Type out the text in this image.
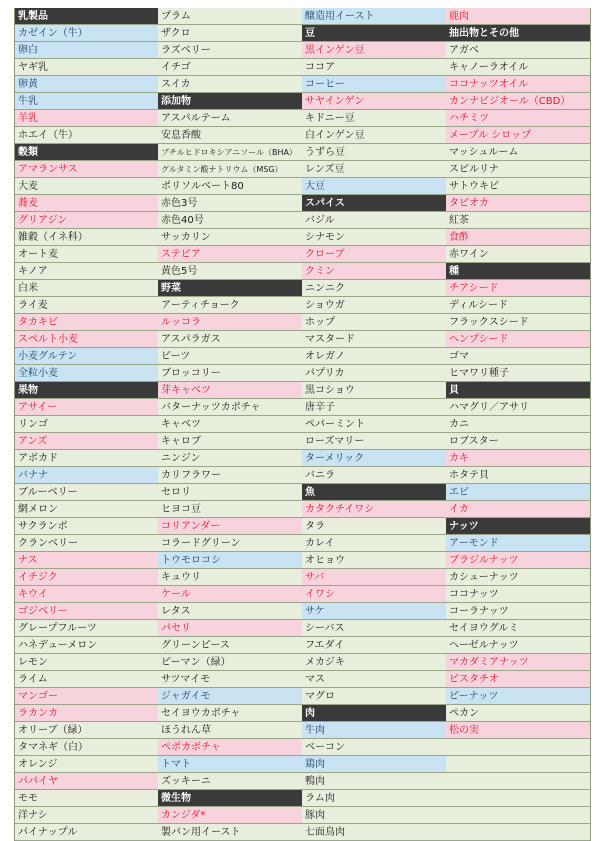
乳製品
カゼイン（牛）
卵白
ヤギ乳
卵黄
牛乳
羊乳
ホエイ（牛）
穀類
アマランサス
大麦
蕎麦
グリアジン
雑穀（イネ科）
オート麦
キノア
白米
ライ麦
タカキビ
スペルト小麦
小麦グルテン
全粒小麦
果物
アサイー
リンゴ
アンズ
アボカド
バナナ
ブルーベリー
網メロン
サクランボ
クランベリー
ナス
イチジク
キウイ
ゴジベリー
グレープフルーツ
ハネデューメロン
レモン
ライム
マンゴー
ラカンカ
オリーブ（緑）
タマネギ（白）
オレンジ
パパイヤ
モモ
洋ナシ
パイナップル
プラム
ザクロ
ラズベリー
イチゴ
スイカ
添加物
アスパルテーム
安息香酸
ブチルヒドロキシアニソール（BHA）
グルタミン酸ナトリウム（MSG）
ポリソルベート80
赤色3号
赤色40号
サッカリン
ステビア
黄色5号
野菜
アーティチョーク
ルッコラ
アスパラガス
ビーツ
ブロッコリー
芽キャベツ
バターナッツカボチャ
キャベツ
キャロブ
ニンジン
カリフラワー
セロリ
ヒヨコ豆
コリアンダー
コラードグリーン
トウモロコシ
キュウリ
ケール
レタス
パセリ
グリーンピース
ピーマン（緑）
サツマイモ
ジャガイモ
セイヨウカボチャ
ほうれん草
ペポカボチャ
トマト
ズッキーニ
微生物
カンジダ*
製パン用イースト
醸造用イースト
豆
黒インゲン豆
ココア
コーヒー
サヤインゲン
キドニー豆
白インゲン豆
うずら豆
レンズ豆
大豆
スパイス
バジル
シナモン
クローブ
クミン
ニンニク
ショウガ
ホップ
マスタード
オレガノ
パプリカ
黒コショウ
唐辛子
ペパーミント
ローズマリー
ターメリック
バニラ
魚
カタクチイワシ
タラ
カレイ
オヒョウ
サバ
イワシ
サケ
シーバス
フエダイ
メカジキ
マス
マグロ
肉
牛肉
ベーコン
鶏肉
鴨肉
ラム肉
豚肉
七面鳥肉
鹿肉
抽出物とその他
アガベ
キャノーラオイル
ココナッツオイル
カンナビジオール（CBD）
ハチミツ
メープル シロップ
マッシュルーム
スピルリナ
サトウキビ
タピオカ
紅茶
食酢
赤ワイン
種
チアシード
ディルシード
フラックスシード
ヘンプシード
ゴマ
ヒマワリ種子
貝
ハマグリ／アサリ
カニ
ロブスター
カキ
ホタテ貝
エビ
イカ
ナッツ
アーモンド
ブラジルナッツ
カシューナッツ
ココナッツ
コーラナッツ
セイヨウグルミ
ヘーゼルナッツ
マカダミアナッツ
ピスタチオ
ピーナッツ
ペカン
松の実
